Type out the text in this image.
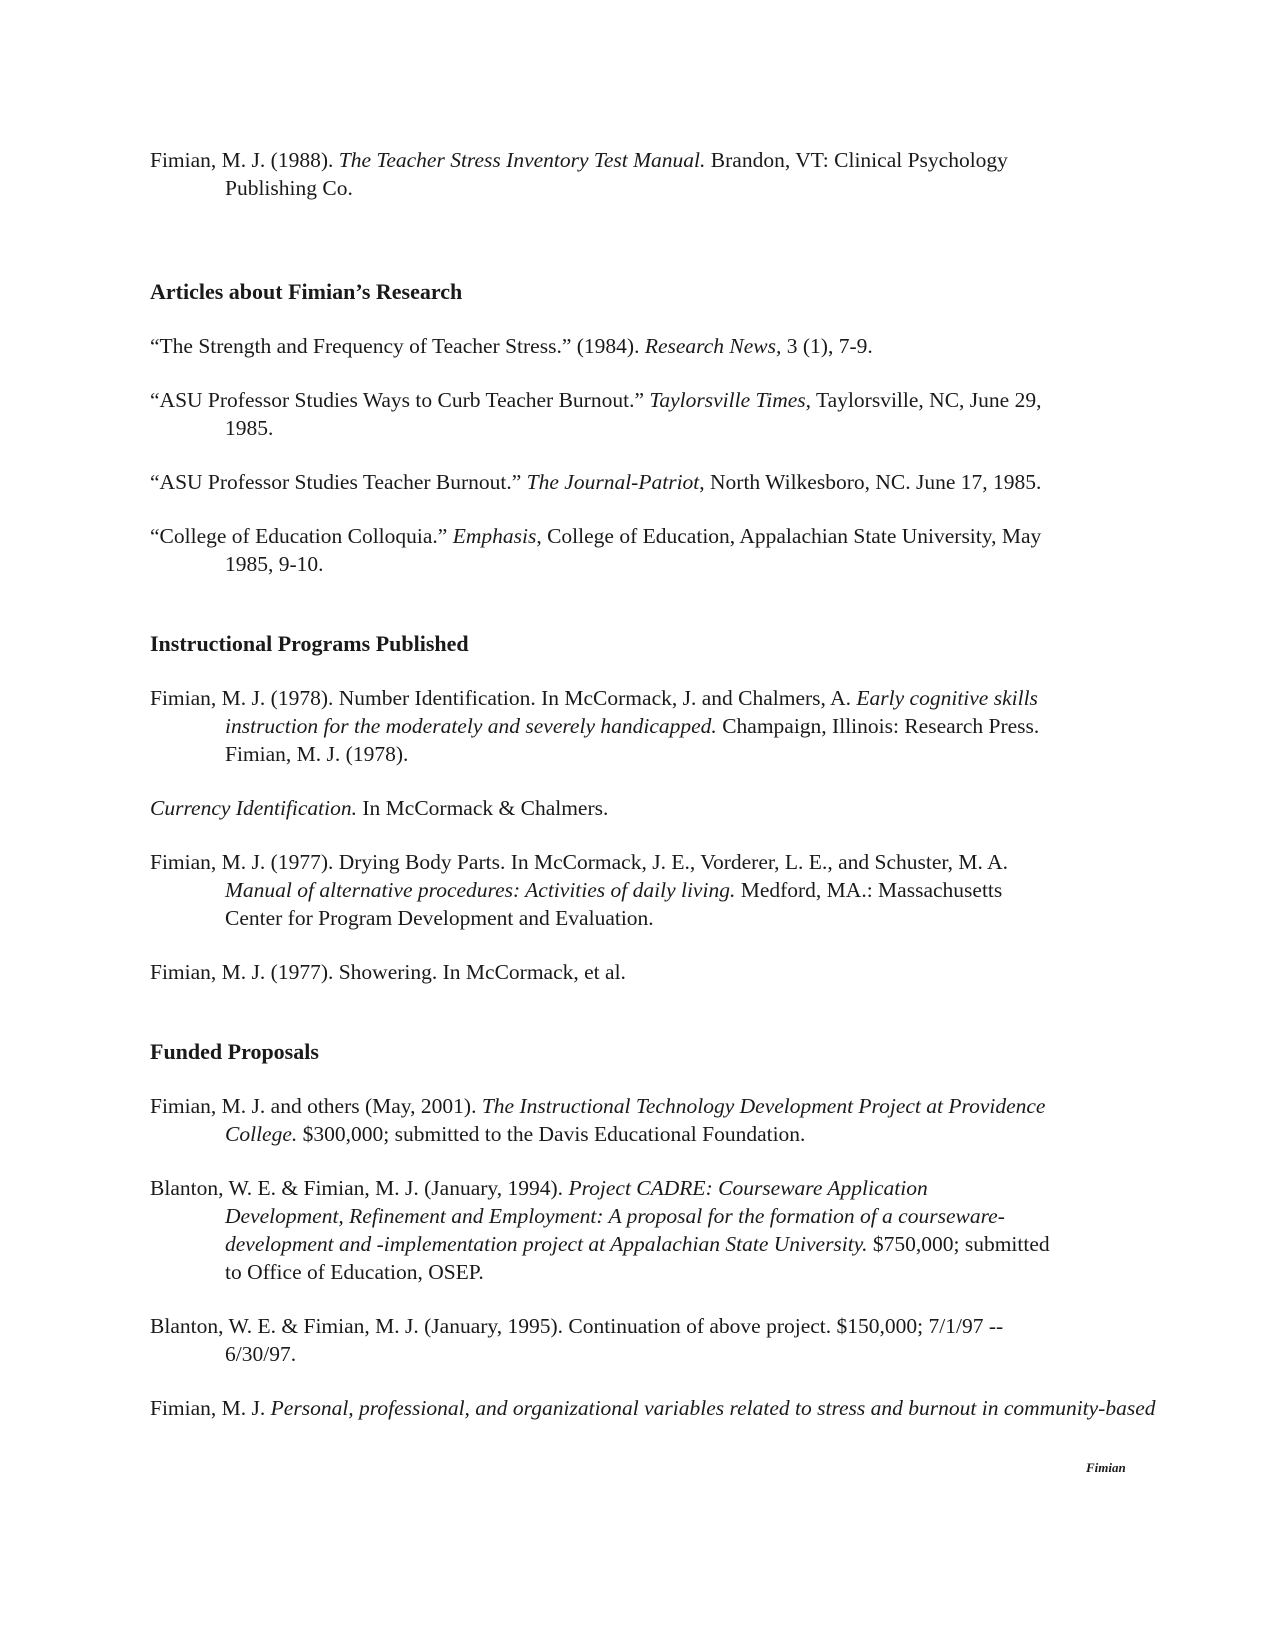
Fimian, M. J. (1988). The Teacher Stress Inventory Test Manual. Brandon, VT: Clinical Psychology Publishing Co.

Articles about Fimian’s Research

“The Strength and Frequency of Teacher Stress.” (1984). Research News, 3 (1), 7-9.

“ASU Professor Studies Ways to Curb Teacher Burnout.” Taylorsville Times, Taylorsville, NC, June 29, 1985.

“ASU Professor Studies Teacher Burnout.” The Journal-Patriot, North Wilkesboro, NC. June 17, 1985.

“College of Education Colloquia.” Emphasis, College of Education, Appalachian State University, May 1985, 9-10.

Instructional Programs Published

Fimian, M. J. (1978). Number Identification. In McCormack, J. and Chalmers, A. Early cognitive skills instruction for the moderately and severely handicapped. Champaign, Illinois: Research Press. Fimian, M. J. (1978).

Currency Identification. In McCormack & Chalmers.

Fimian, M. J. (1977). Drying Body Parts. In McCormack, J. E., Vorderer, L. E., and Schuster, M. A. Manual of alternative procedures: Activities of daily living. Medford, MA.: Massachusetts Center for Program Development and Evaluation.

Fimian, M. J. (1977). Showering. In McCormack, et al.

Funded Proposals

Fimian, M. J. and others (May, 2001). The Instructional Technology Development Project at Providence College. $300,000; submitted to the Davis Educational Foundation.

Blanton, W. E. & Fimian, M. J. (January, 1994). Project CADRE: Courseware Application Development, Refinement and Employment: A proposal for the formation of a courseware-development and -implementation project at Appalachian State University. $750,000; submitted to Office of Education, OSEP.

Blanton, W. E. & Fimian, M. J. (January, 1995). Continuation of above project. $150,000; 7/1/97 -- 6/30/97.

Fimian, M. J. Personal, professional, and organizational variables related to stress and burnout in community-based

Fimian
